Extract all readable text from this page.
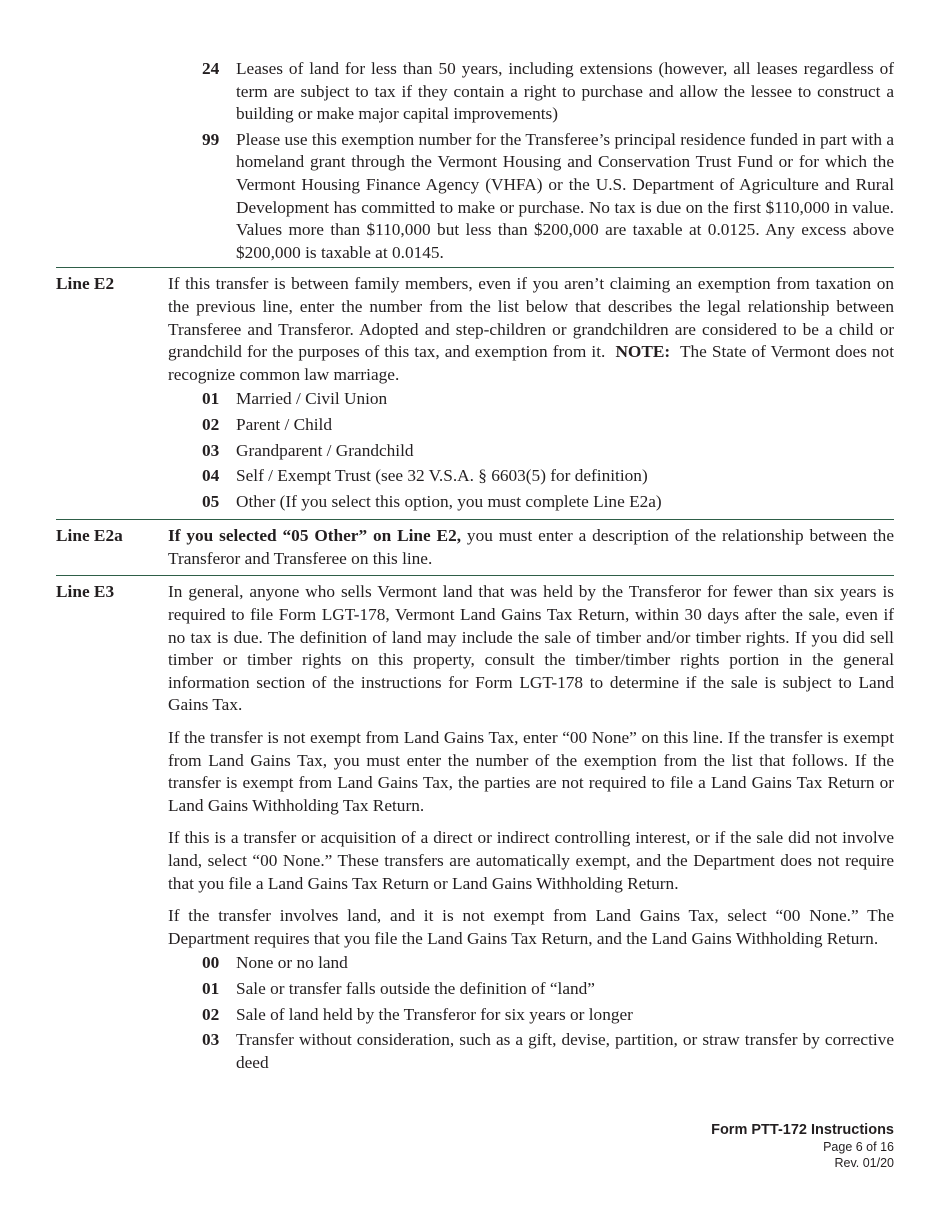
24 Leases of land for less than 50 years, including extensions (however, all leases regardless of term are subject to tax if they contain a right to purchase and allow the lessee to construct a building or make major capital improvements)
99 Please use this exemption number for the Transferee’s principal residence funded in part with a homeland grant through the Vermont Housing and Conservation Trust Fund or for which the Vermont Housing Finance Agency (VHFA) or the U.S. Department of Agriculture and Rural Development has committed to make or purchase. No tax is due on the first $110,000 in value. Values more than $110,000 but less than $200,000 are taxable at 0.0125. Any excess above $200,000 is taxable at 0.0145.
Line E2	If this transfer is between family members, even if you aren’t claiming an exemption from taxation on the previous line, enter the number from the list below that describes the legal relationship between Transferee and Transferor. Adopted and step-children or grandchildren are considered to be a child or grandchild for the purposes of this tax, and exemption from it. NOTE: The State of Vermont does not recognize common law marriage.

01 Married / Civil Union
02 Parent / Child
03 Grandparent / Grandchild
04 Self / Exempt Trust (see 32 V.S.A. § 6603(5) for definition)
05 Other (If you select this option, you must complete Line E2a)
Line E2a	If you selected “05 Other” on Line E2, you must enter a description of the relationship between the Transferor and Transferee on this line.

Line E3	In general, anyone who sells Vermont land that was held by the Transferor for fewer than six years is required to file Form LGT-178, Vermont Land Gains Tax Return, within 30 days after the sale, even if no tax is due. The definition of land may include the sale of timber and/or timber rights. If you did sell timber or timber rights on this property, consult the timber/timber rights portion in the general information section of the instructions for Form LGT-178 to determine if the sale is subject to Land Gains Tax.

If the transfer is not exempt from Land Gains Tax, enter “00 None” on this line. If the transfer is exempt from Land Gains Tax, you must enter the number of the exemption from the list that follows. If the transfer is exempt from Land Gains Tax, the parties are not required to file a Land Gains Tax Return or Land Gains Withholding Tax Return.

If this is a transfer or acquisition of a direct or indirect controlling interest, or if the sale did not involve land, select “00 None.” These transfers are automatically exempt, and the Department does not require that you file a Land Gains Tax Return or Land Gains Withholding Return.

If the transfer involves land, and it is not exempt from Land Gains Tax, select “00 None.” The Department requires that you file the Land Gains Tax Return, and the Land Gains Withholding Return.

00 None or no land
01 Sale or transfer falls outside the definition of “land”
02 Sale of land held by the Transferor for six years or longer
03 Transfer without consideration, such as a gift, devise, partition, or straw transfer by corrective deed
Form PTT-172 Instructions
Page 6 of 16
Rev. 01/20
